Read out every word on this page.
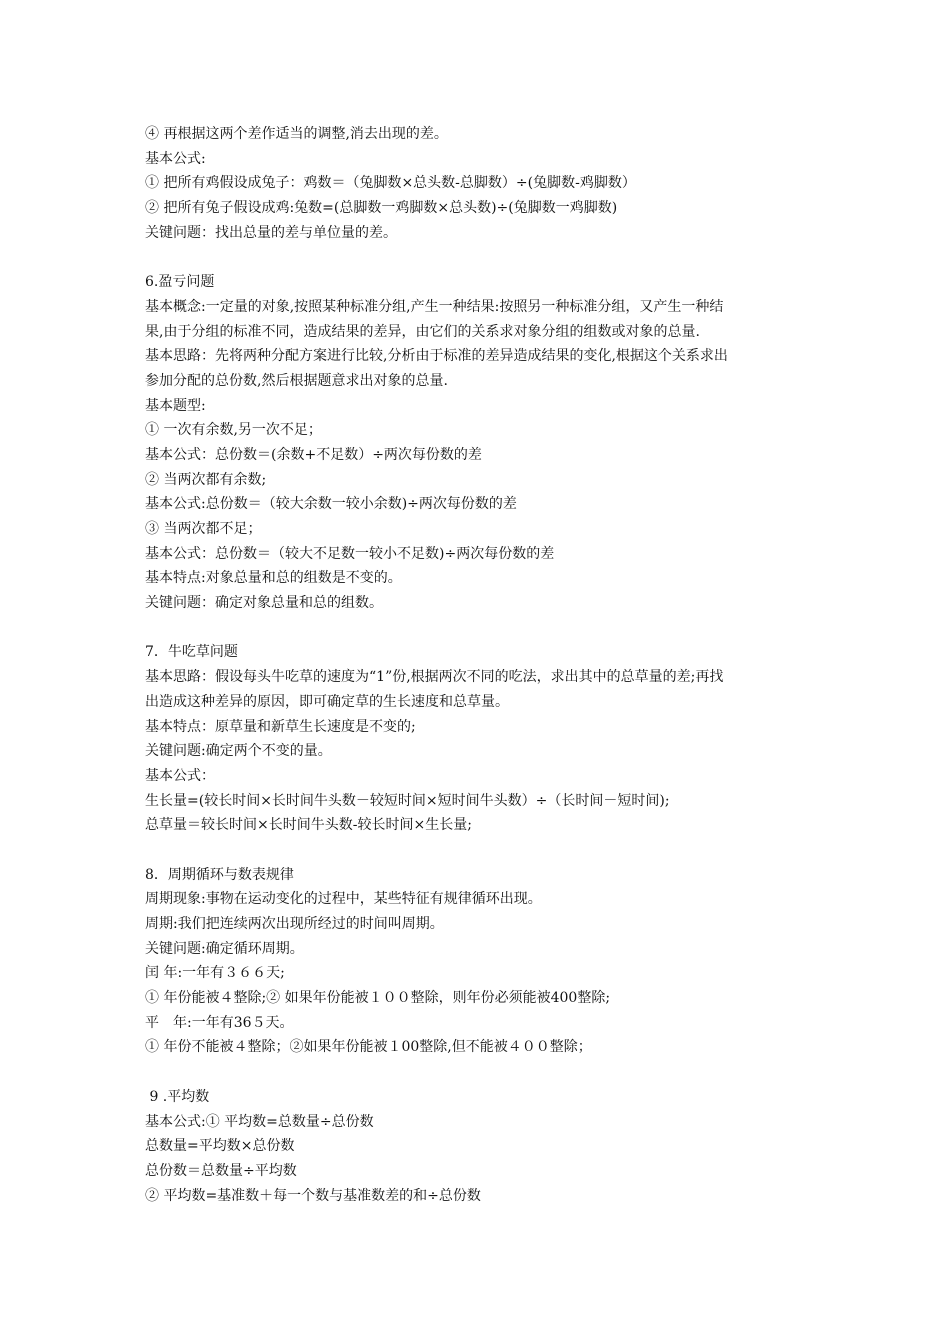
④ 再根据这两个差作适当的调整,消去出现的差。
基本公式:
① 把所有鸡假设成兔子：鸡数＝（兔脚数×总头数-总脚数）÷(兔脚数-鸡脚数）
② 把所有兔子假设成鸡:兔数=(总脚数一鸡脚数×总头数)÷(兔脚数一鸡脚数)
关键问题：找出总量的差与单位量的差。
6.盈亏问题
基本概念:一定量的对象,按照某种标准分组,产生一种结果:按照另一种标准分组，又产生一种结
果,由于分组的标准不同，造成结果的差异，由它们的关系求对象分组的组数或对象的总量.
基本思路：先将两种分配方案进行比较,分析由于标准的差异造成结果的变化,根据这个关系求出
参加分配的总份数,然后根据题意求出对象的总量.
基本题型:
① 一次有余数,另一次不足；
基本公式：总份数＝(余数+不足数）÷两次每份数的差
② 当两次都有余数;
基本公式:总份数＝（较大余数一较小余数)÷两次每份数的差
③ 当两次都不足；
基本公式：总份数＝（较大不足数一较小不足数)÷两次每份数的差
基本特点:对象总量和总的组数是不变的。
关键问题：确定对象总量和总的组数。
7．牛吃草问题
基本思路：假设每头牛吃草的速度为“1”份,根据两次不同的吃法，求出其中的总草量的差;再找
出造成这种差异的原因，即可确定草的生长速度和总草量。
基本特点：原草量和新草生长速度是不变的;
关键问题:确定两个不变的量。
基本公式：
生长量=(较长时间×长时间牛头数－较短时间×短时间牛头数）÷（长时间－短时间);
总草量＝较长时间×长时间牛头数-较长时间×生长量;
8．周期循环与数表规律
周期现象:事物在运动变化的过程中，某些特征有规律循环出现。
周期:我们把连续两次出现所经过的时间叫周期。
关键问题:确定循环周期。
闰 年:一年有３６６天;
① 年份能被４整除;② 如果年份能被１００整除，则年份必须能被400整除;
平　年:一年有36５天。
① 年份不能被４整除；②如果年份能被１00整除,但不能被４００整除；
9 .平均数
基本公式:① 平均数=总数量÷总份数
总数量=平均数×总份数
总份数＝总数量÷平均数
② 平均数=基准数＋每一个数与基准数差的和÷总份数
